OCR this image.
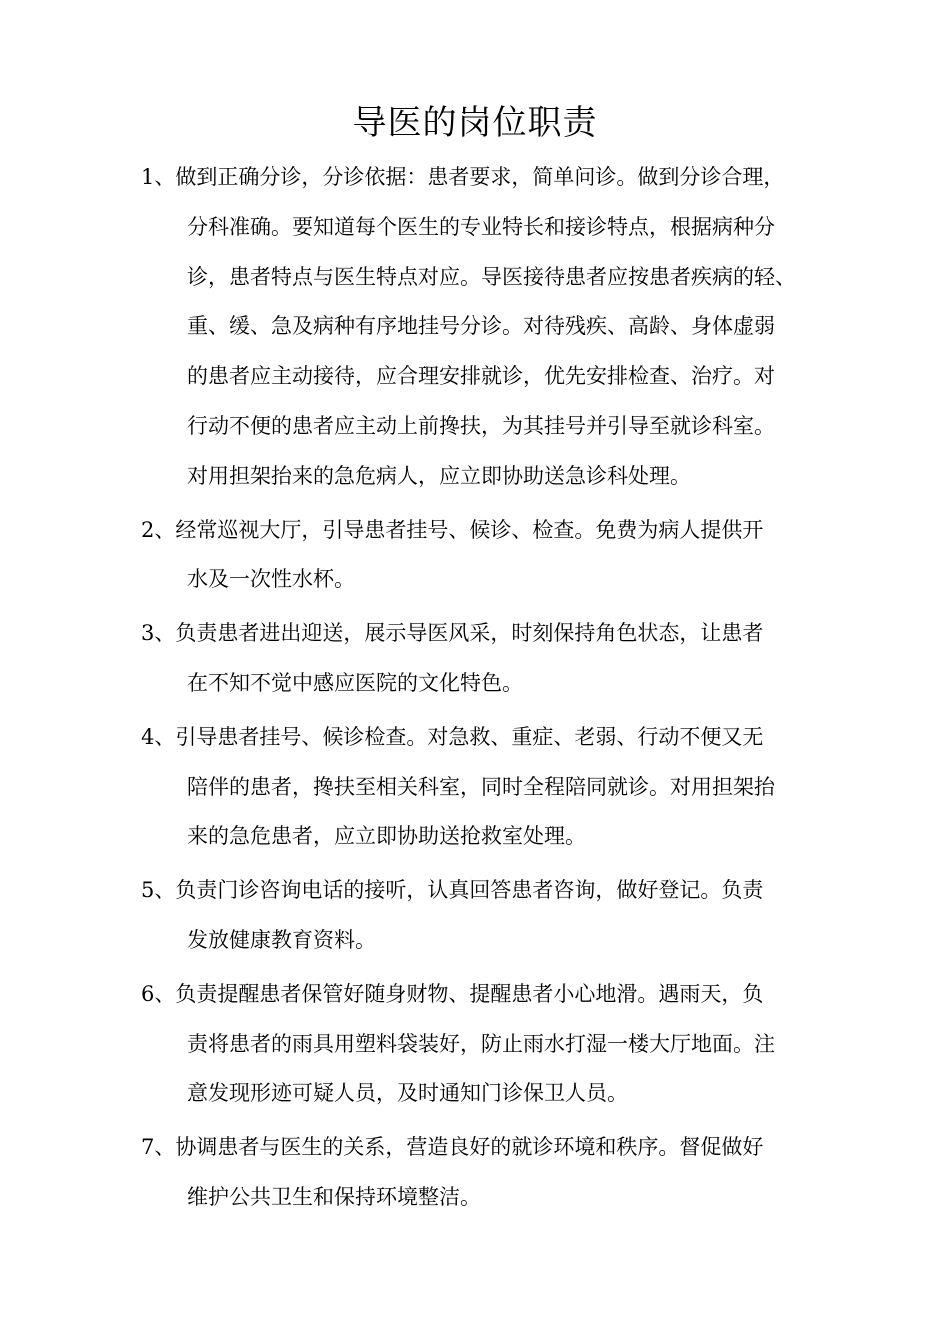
导医的岗位职责
1、做到正确分诊，分诊依据：患者要求，简单问诊。做到分诊合理，
分科准确。要知道每个医生的专业特长和接诊特点，根据病种分
诊，患者特点与医生特点对应。导医接待患者应按患者疾病的轻、
重、缓、急及病种有序地挂号分诊。对待残疾、高龄、身体虚弱
的患者应主动接待，应合理安排就诊，优先安排检查、治疗。对
行动不便的患者应主动上前搀扶，为其挂号并引导至就诊科室。
对用担架抬来的急危病人，应立即协助送急诊科处理。
2、经常巡视大厅，引导患者挂号、候诊、检查。免费为病人提供开
水及一次性水杯。
3、负责患者进出迎送，展示导医风采，时刻保持角色状态，让患者
在不知不觉中感应医院的文化特色。
4、引导患者挂号、候诊检查。对急救、重症、老弱、行动不便又无
陪伴的患者，搀扶至相关科室，同时全程陪同就诊。对用担架抬
来的急危患者，应立即协助送抢救室处理。
5、负责门诊咨询电话的接听，认真回答患者咨询，做好登记。负责
发放健康教育资料。
6、负责提醒患者保管好随身财物、提醒患者小心地滑。遇雨天，负
责将患者的雨具用塑料袋装好，防止雨水打湿一楼大厅地面。注
意发现形迹可疑人员，及时通知门诊保卫人员。
7、协调患者与医生的关系，营造良好的就诊环境和秩序。督促做好
维护公共卫生和保持环境整洁。
